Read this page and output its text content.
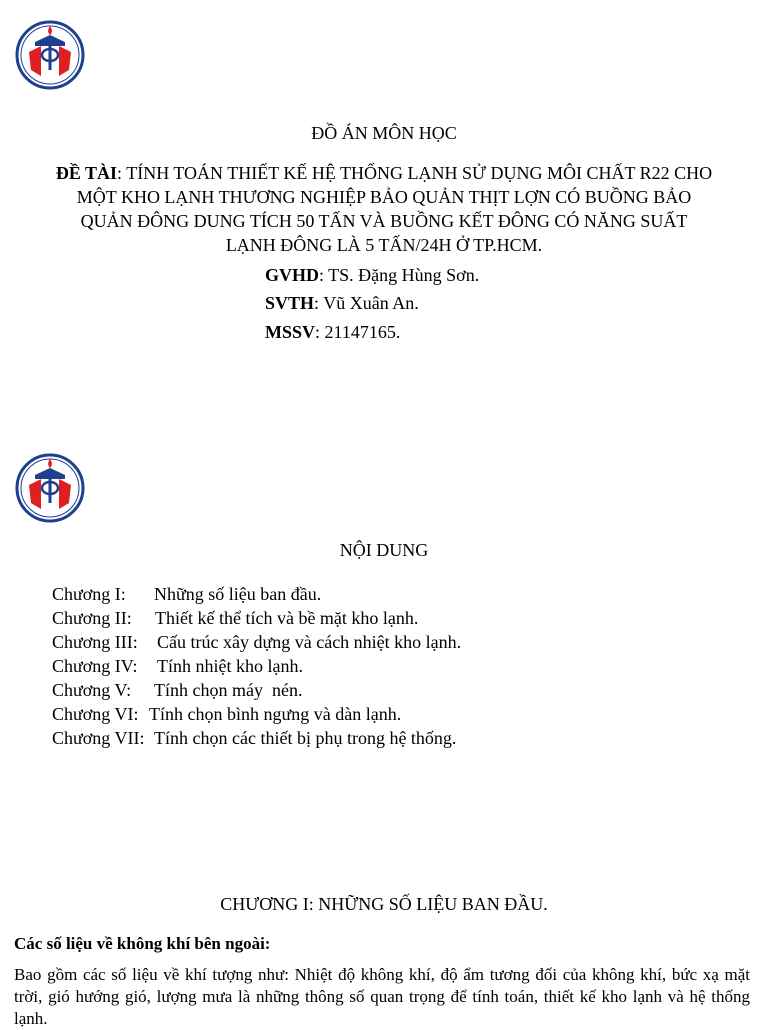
ĐỒ ÁN MÔN HỌC
ĐỀ TÀI: TÍNH TOÁN THIẾT KẾ HỆ THỐNG LẠNH SỬ DỤNG MÔI CHẤT R22 CHO MỘT KHO LẠNH THƯƠNG NGHIỆP BẢO QUẢN THỊT LỢN CÓ BUỒNG BẢO QUẢN ĐÔNG DUNG TÍCH 50 TẤN VÀ BUỒNG KẾT ĐÔNG CÓ NĂNG SUẤT LẠNH ĐÔNG LÀ 5 TẤN/24H Ở TP.HCM.
GVHD: TS. Đặng Hùng Sơn.
SVTH: Vũ Xuân An.
MSSV: 21147165.
NỘI DUNG
Chương I: Những số liệu ban đầu.
Chương II: Thiết kế thể tích và bề mặt kho lạnh.
Chương III: Cấu trúc xây dựng và cách nhiệt kho lạnh.
Chương IV: Tính nhiệt kho lạnh.
Chương V: Tính chọn máy  nén.
Chương VI: Tính chọn bình ngưng và dàn lạnh.
Chương VII: Tính chọn các thiết bị phụ trong hệ thống.
CHƯƠNG I: NHỮNG SỐ LIỆU BAN ĐẦU.
Các số liệu về không khí bên ngoài:
Bao gồm các số liệu về khí tượng như: Nhiệt độ không khí, độ ẩm tương đối của không khí, bức xạ mặt trời, gió hướng gió, lượng mưa là những thông số quan trọng để tính toán, thiết kế kho lạnh và hệ thống lạnh.
